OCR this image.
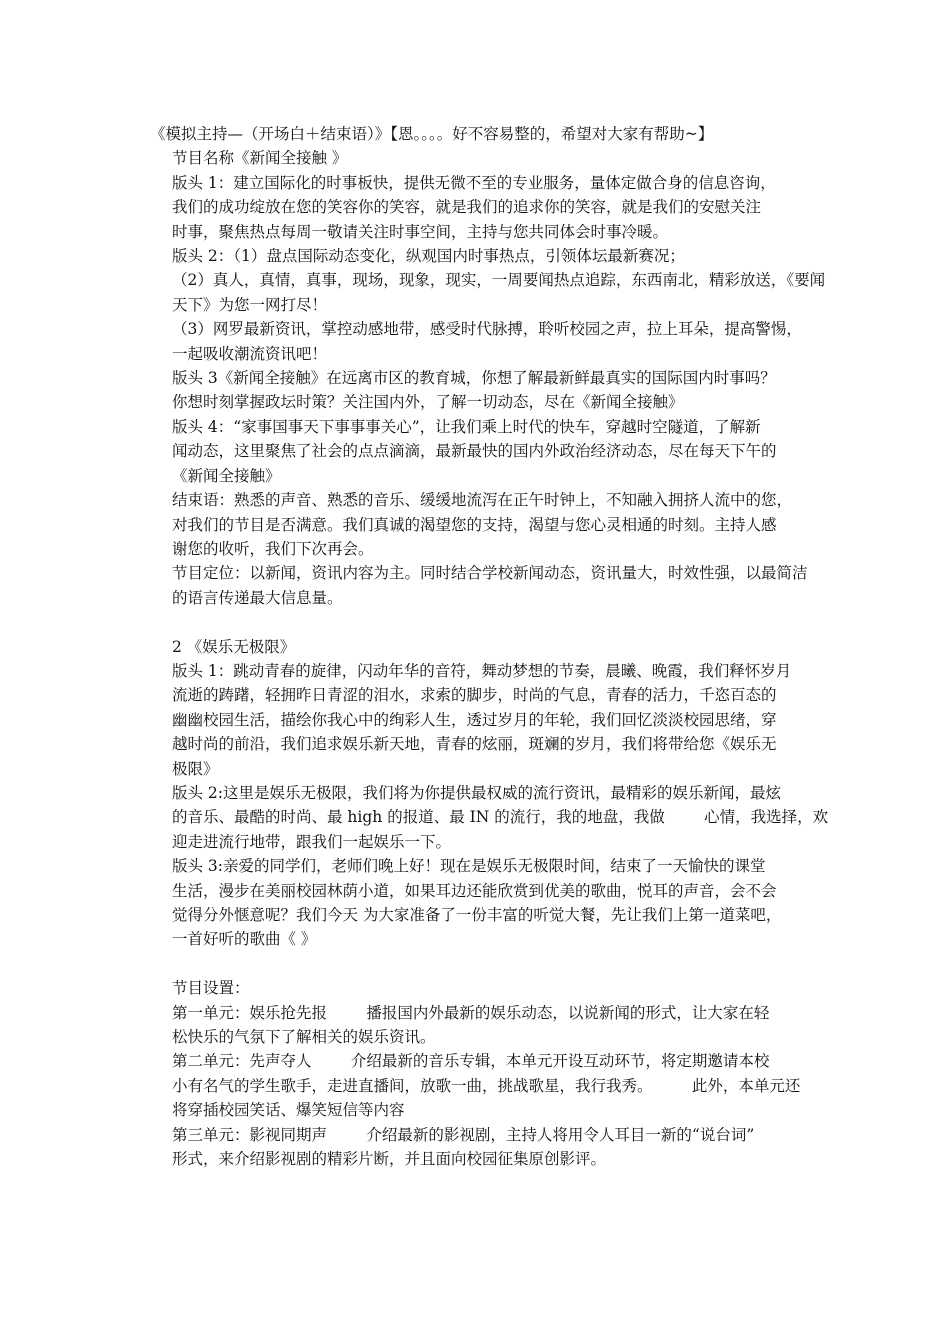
《模拟主持—（开场白＋结束语）》【恩。。。。好不容易整的，希望对大家有帮助~】
节目名称《新闻全接触 》
版头 1：建立国际化的时事板快，提供无微不至的专业服务，量体定做合身的信息咨询，
我们的成功绽放在您的笑容你的笑容，就是我们的追求你的笑容，就是我们的安慰关注
时事，聚焦热点每周一敬请关注时事空间，主持与您共同体会时事冷暖。
版头 2：（1）盘点国际动态变化，纵观国内时事热点，引领体坛最新赛况；
（2）真人，真情，真事，现场，现象，现实，一周要闻热点追踪，东西南北，精彩放送，《要闻
天下》为您一网打尽！
（3）网罗最新资讯，掌控动感地带，感受时代脉搏，聆听校园之声，拉上耳朵，提高警惕，
一起吸收潮流资讯吧！
版头 3《新闻全接触》在远离市区的教育城，你想了解最新鲜最真实的国际国内时事吗？
你想时刻掌握政坛时策？关注国内外，了解一切动态，尽在《新闻全接触》
版头 4：“家事国事天下事事事关心”，让我们乘上时代的快车，穿越时空隧道，了解新
闻动态，这里聚焦了社会的点点滴滴，最新最快的国内外政治经济动态，尽在每天下午的
《新闻全接触》
结束语：熟悉的声音、熟悉的音乐、缓缓地流泻在正午时钟上，不知融入拥挤人流中的您，
对我们的节目是否满意。我们真诚的渴望您的支持，渴望与您心灵相通的时刻。主持人感
谢您的收听，我们下次再会。
节目定位：以新闻，资讯内容为主。同时结合学校新闻动态，资讯量大，时效性强，以最简洁
的语言传递最大信息量。
2 《娱乐无极限》
版头 1：跳动青春的旋律，闪动年华的音符，舞动梦想的节奏，晨曦、晚霞，我们释怀岁月
流逝的踌躇，轻拥昨日青涩的泪水，求索的脚步，时尚的气息，青春的活力，千恣百态的
幽幽校园生活，描绘你我心中的绚彩人生，透过岁月的年轮，我们回忆淡淡校园思绪，穿
越时尚的前沿，我们追求娱乐新天地，青春的炫丽，斑斓的岁月，我们将带给您《娱乐无
极限》
版头 2:这里是娱乐无极限，我们将为你提供最权威的流行资讯，最精彩的娱乐新闻，最炫
的音乐、最酷的时尚、最 high 的报道、最 IN 的流行，我的地盘，我做        心情，我选择，欢
迎走进流行地带，跟我们一起娱乐一下。
版头 3:亲爱的同学们，老师们晚上好！现在是娱乐无极限时间，结束了一天愉快的课堂
生活，漫步在美丽校园林荫小道，如果耳边还能欣赏到优美的歌曲，悦耳的声音，会不会
觉得分外惬意呢？我们今天 为大家准备了一份丰富的听觉大餐，先让我们上第一道菜吧，
一首好听的歌曲《 》
节目设置：
第一单元：娱乐抢先报        播报国内外最新的娱乐动态，以说新闻的形式，让大家在轻
松快乐的气氛下了解相关的娱乐资讯。
第二单元：先声夺人        介绍最新的音乐专辑，本单元开设互动环节，将定期邀请本校
小有名气的学生歌手，走进直播间，放歌一曲，挑战歌星，我行我秀。        此外，本单元还
将穿插校园笑话、爆笑短信等内容
第三单元：影视同期声        介绍最新的影视剧，主持人将用令人耳目一新的“说台词”
形式，来介绍影视剧的精彩片断，并且面向校园征集原创影评。
